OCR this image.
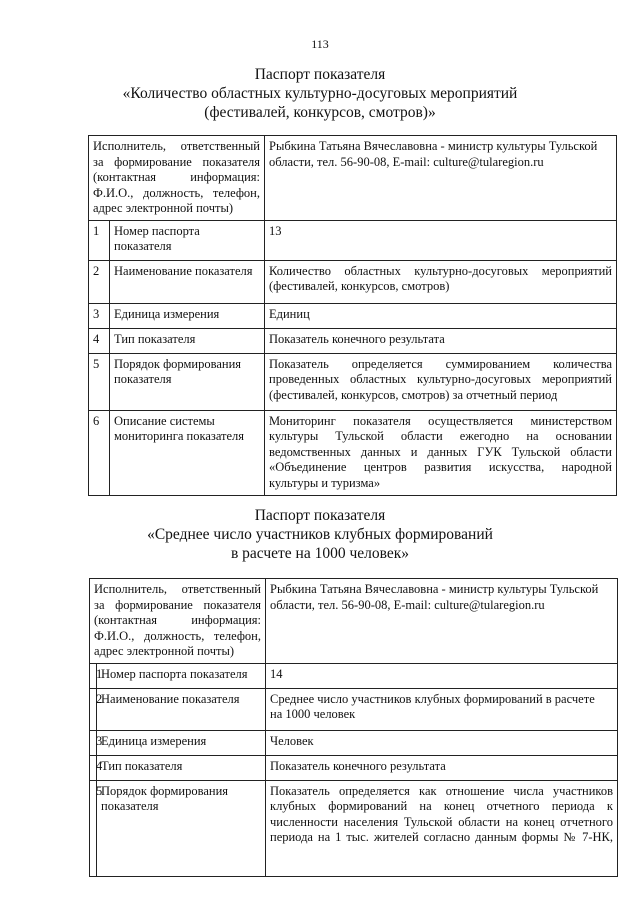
113
Паспорт показателя
«Количество областных культурно-досуговых мероприятий
(фестивалей, конкурсов, смотров)»
Исполнитель, ответственный
за формирование показателя
(контактная информация:
Ф.И.О., должность, телефон,
адрес электронной почты)		Рыбкина Татьяна Вячеславовна - министр культуры Тульской
области, тел. 56-90-08, E-mail: culture@tularegion.ru

1	Номер паспорта показателя	13
2	Наименование показателя	Количество областных культурно-досуговых мероприятий
(фестивалей, конкурсов, смотров)

3	Единица измерения	Единиц
4	Тип показателя	Показатель конечного результата
5	Порядок формирования показателя	Показатель определяется суммированием количества
проведенных областных культурно-досуговых мероприятий
(фестивалей, конкурсов, смотров) за отчетный период

6	Описание системы мониторинга показателя	Мониторинг показателя осуществляется министерством
культуры Тульской области ежегодно на основании
ведомственных данных и данных ГУК Тульской области
«Объединение центров развития искусства, народной
культуры и туризма»
Паспорт показателя
«Среднее число участников клубных формирований
в расчете на 1000 человек»
Исполнитель, ответственный
за формирование показателя
(контактная информация:
Ф.И.О., должность, телефон,
адрес электронной почты)		Рыбкина Татьяна Вячеславовна - министр культуры Тульской
области, тел. 56-90-08, E-mail: culture@tularegion.ru

1	Номер паспорта показателя	14
2	Наименование показателя	Среднее число участников клубных формирований в расчете
на 1000 человек

3	Единица измерения	Человек
4	Тип показателя	Показатель конечного результата
5	Порядок формирования показателя	Показатель определяется как отношение числа участников
клубных формирований на конец отчетного периода к
численности населения Тульской области на конец отчетного
периода на 1 тыс. жителей согласно данным формы № 7-НК,
